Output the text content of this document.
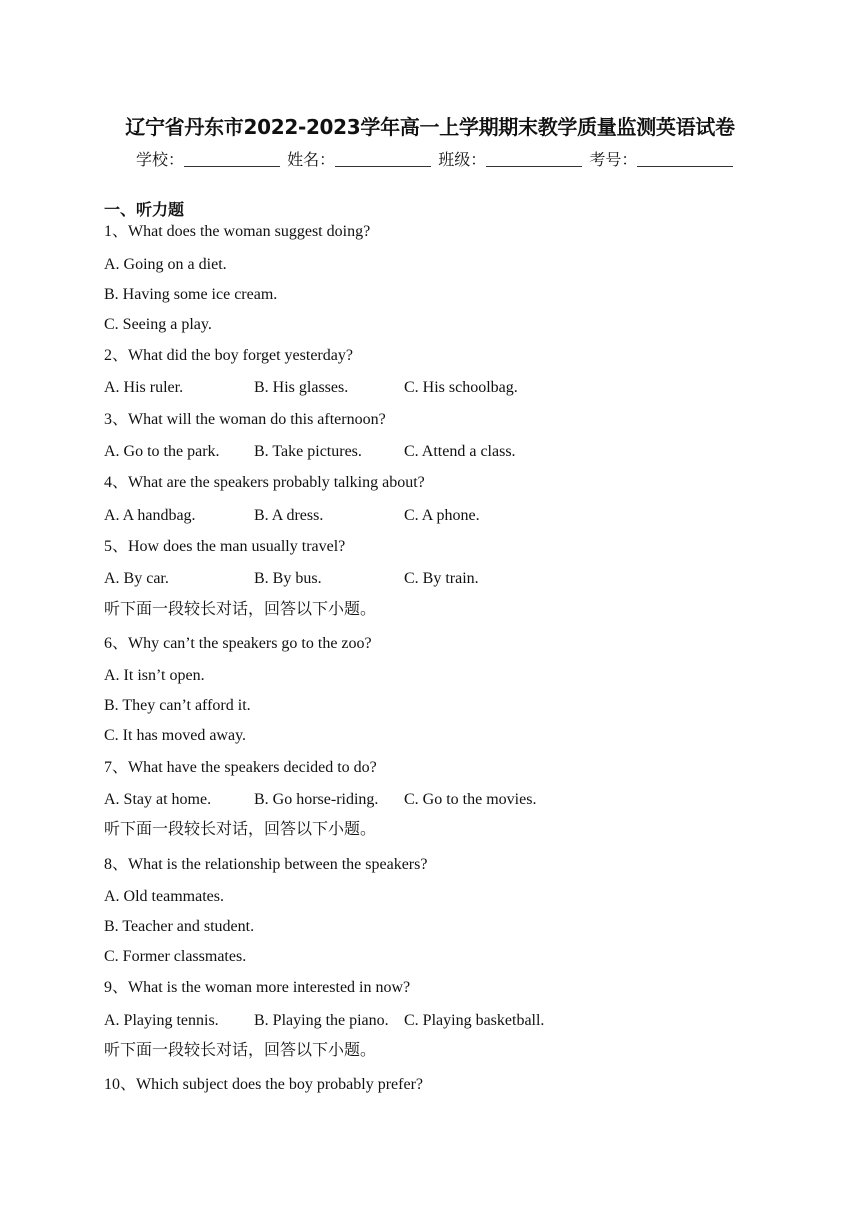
辽宁省丹东市2022-2023学年高一上学期期末教学质量监测英语试卷
学校：	姓名：	班级：	考号：
一、听力题
1、What does the woman suggest doing?
A. Going on a diet.
B. Having some ice cream.
C. Seeing a play.
2、What did the boy forget yesterday?
3、What will the woman do this afternoon?
4、What are the speakers probably talking about?
5、How does the man usually travel?
听下面一段较长对话，回答以下小题。
6、Why can’t the speakers go to the zoo?
A. It isn’t open.
B. They can’t afford it.
C. It has moved away.
7、What have the speakers decided to do?
听下面一段较长对话，回答以下小题。
8、What is the relationship between the speakers?
A. Old teammates.
B. Teacher and student.
C. Former classmates.
9、What is the woman more interested in now?
听下面一段较长对话，回答以下小题。
10、Which subject does the boy probably prefer?
A. His ruler.	B. His glasses.	C. His schoolbag.
A. Go to the park. B. Take pictures.	C. Attend a class.
A. A handbag.	B. A dress.	C. A phone.
A. By car.	B. By bus.	C. By train.
A. Stay at home.	B. Go horse-riding. C. Go to the movies.
A. Playing tennis. B. Playing the piano. C. Playing basketball.
